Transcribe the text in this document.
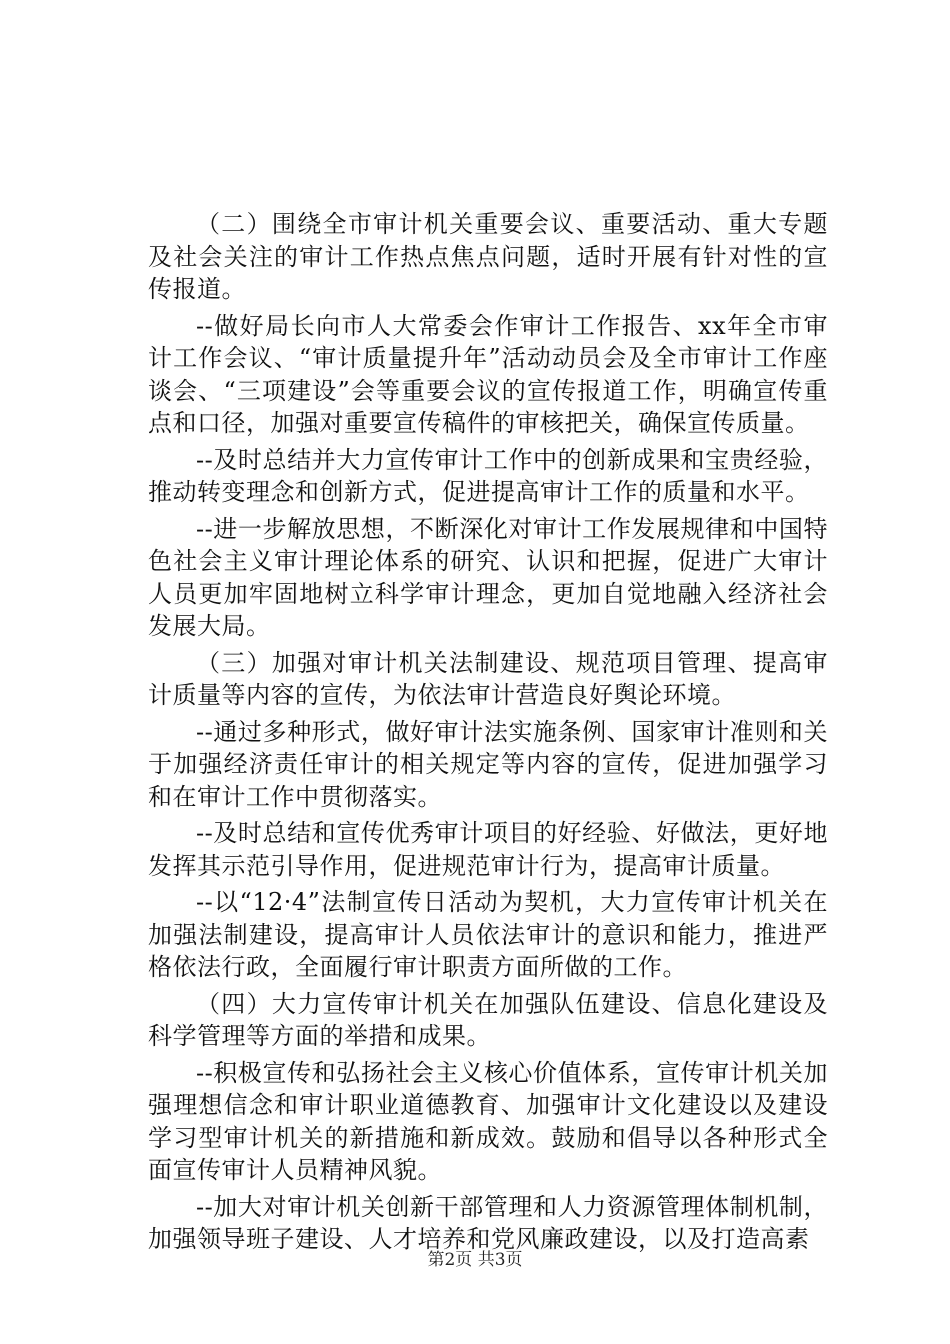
（二）围绕全市审计机关重要会议、重要活动、重大专题及社会关注的审计工作热点焦点问题，适时开展有针对性的宣传报道。

--做好局长向市人大常委会作审计工作报告、xx年全市审计工作会议、“审计质量提升年”活动动员会及全市审计工作座谈会、“三项建设”会等重要会议的宣传报道工作，明确宣传重点和口径，加强对重要宣传稿件的审核把关，确保宣传质量。

--及时总结并大力宣传审计工作中的创新成果和宝贵经验，推动转变理念和创新方式，促进提高审计工作的质量和水平。

--进一步解放思想，不断深化对审计工作发展规律和中国特色社会主义审计理论体系的研究、认识和把握，促进广大审计人员更加牢固地树立科学审计理念，更加自觉地融入经济社会发展大局。

（三）加强对审计机关法制建设、规范项目管理、提高审计质量等内容的宣传，为依法审计营造良好舆论环境。

--通过多种形式，做好审计法实施条例、国家审计准则和关于加强经济责任审计的相关规定等内容的宣传，促进加强学习和在审计工作中贯彻落实。

--及时总结和宣传优秀审计项目的好经验、好做法，更好地发挥其示范引导作用，促进规范审计行为，提高审计质量。

--以“12·4”法制宣传日活动为契机，大力宣传审计机关在加强法制建设，提高审计人员依法审计的意识和能力，推进严格依法行政，全面履行审计职责方面所做的工作。

（四）大力宣传审计机关在加强队伍建设、信息化建设及科学管理等方面的举措和成果。

--积极宣传和弘扬社会主义核心价值体系，宣传审计机关加强理想信念和审计职业道德教育、加强审计文化建设以及建设学习型审计机关的新措施和新成效。鼓励和倡导以各种形式全面宣传审计人员精神风貌。

--加大对审计机关创新干部管理和人力资源管理体制机制，加强领导班子建设、人才培养和党风廉政建设，以及打造高素

第2页 共3页
